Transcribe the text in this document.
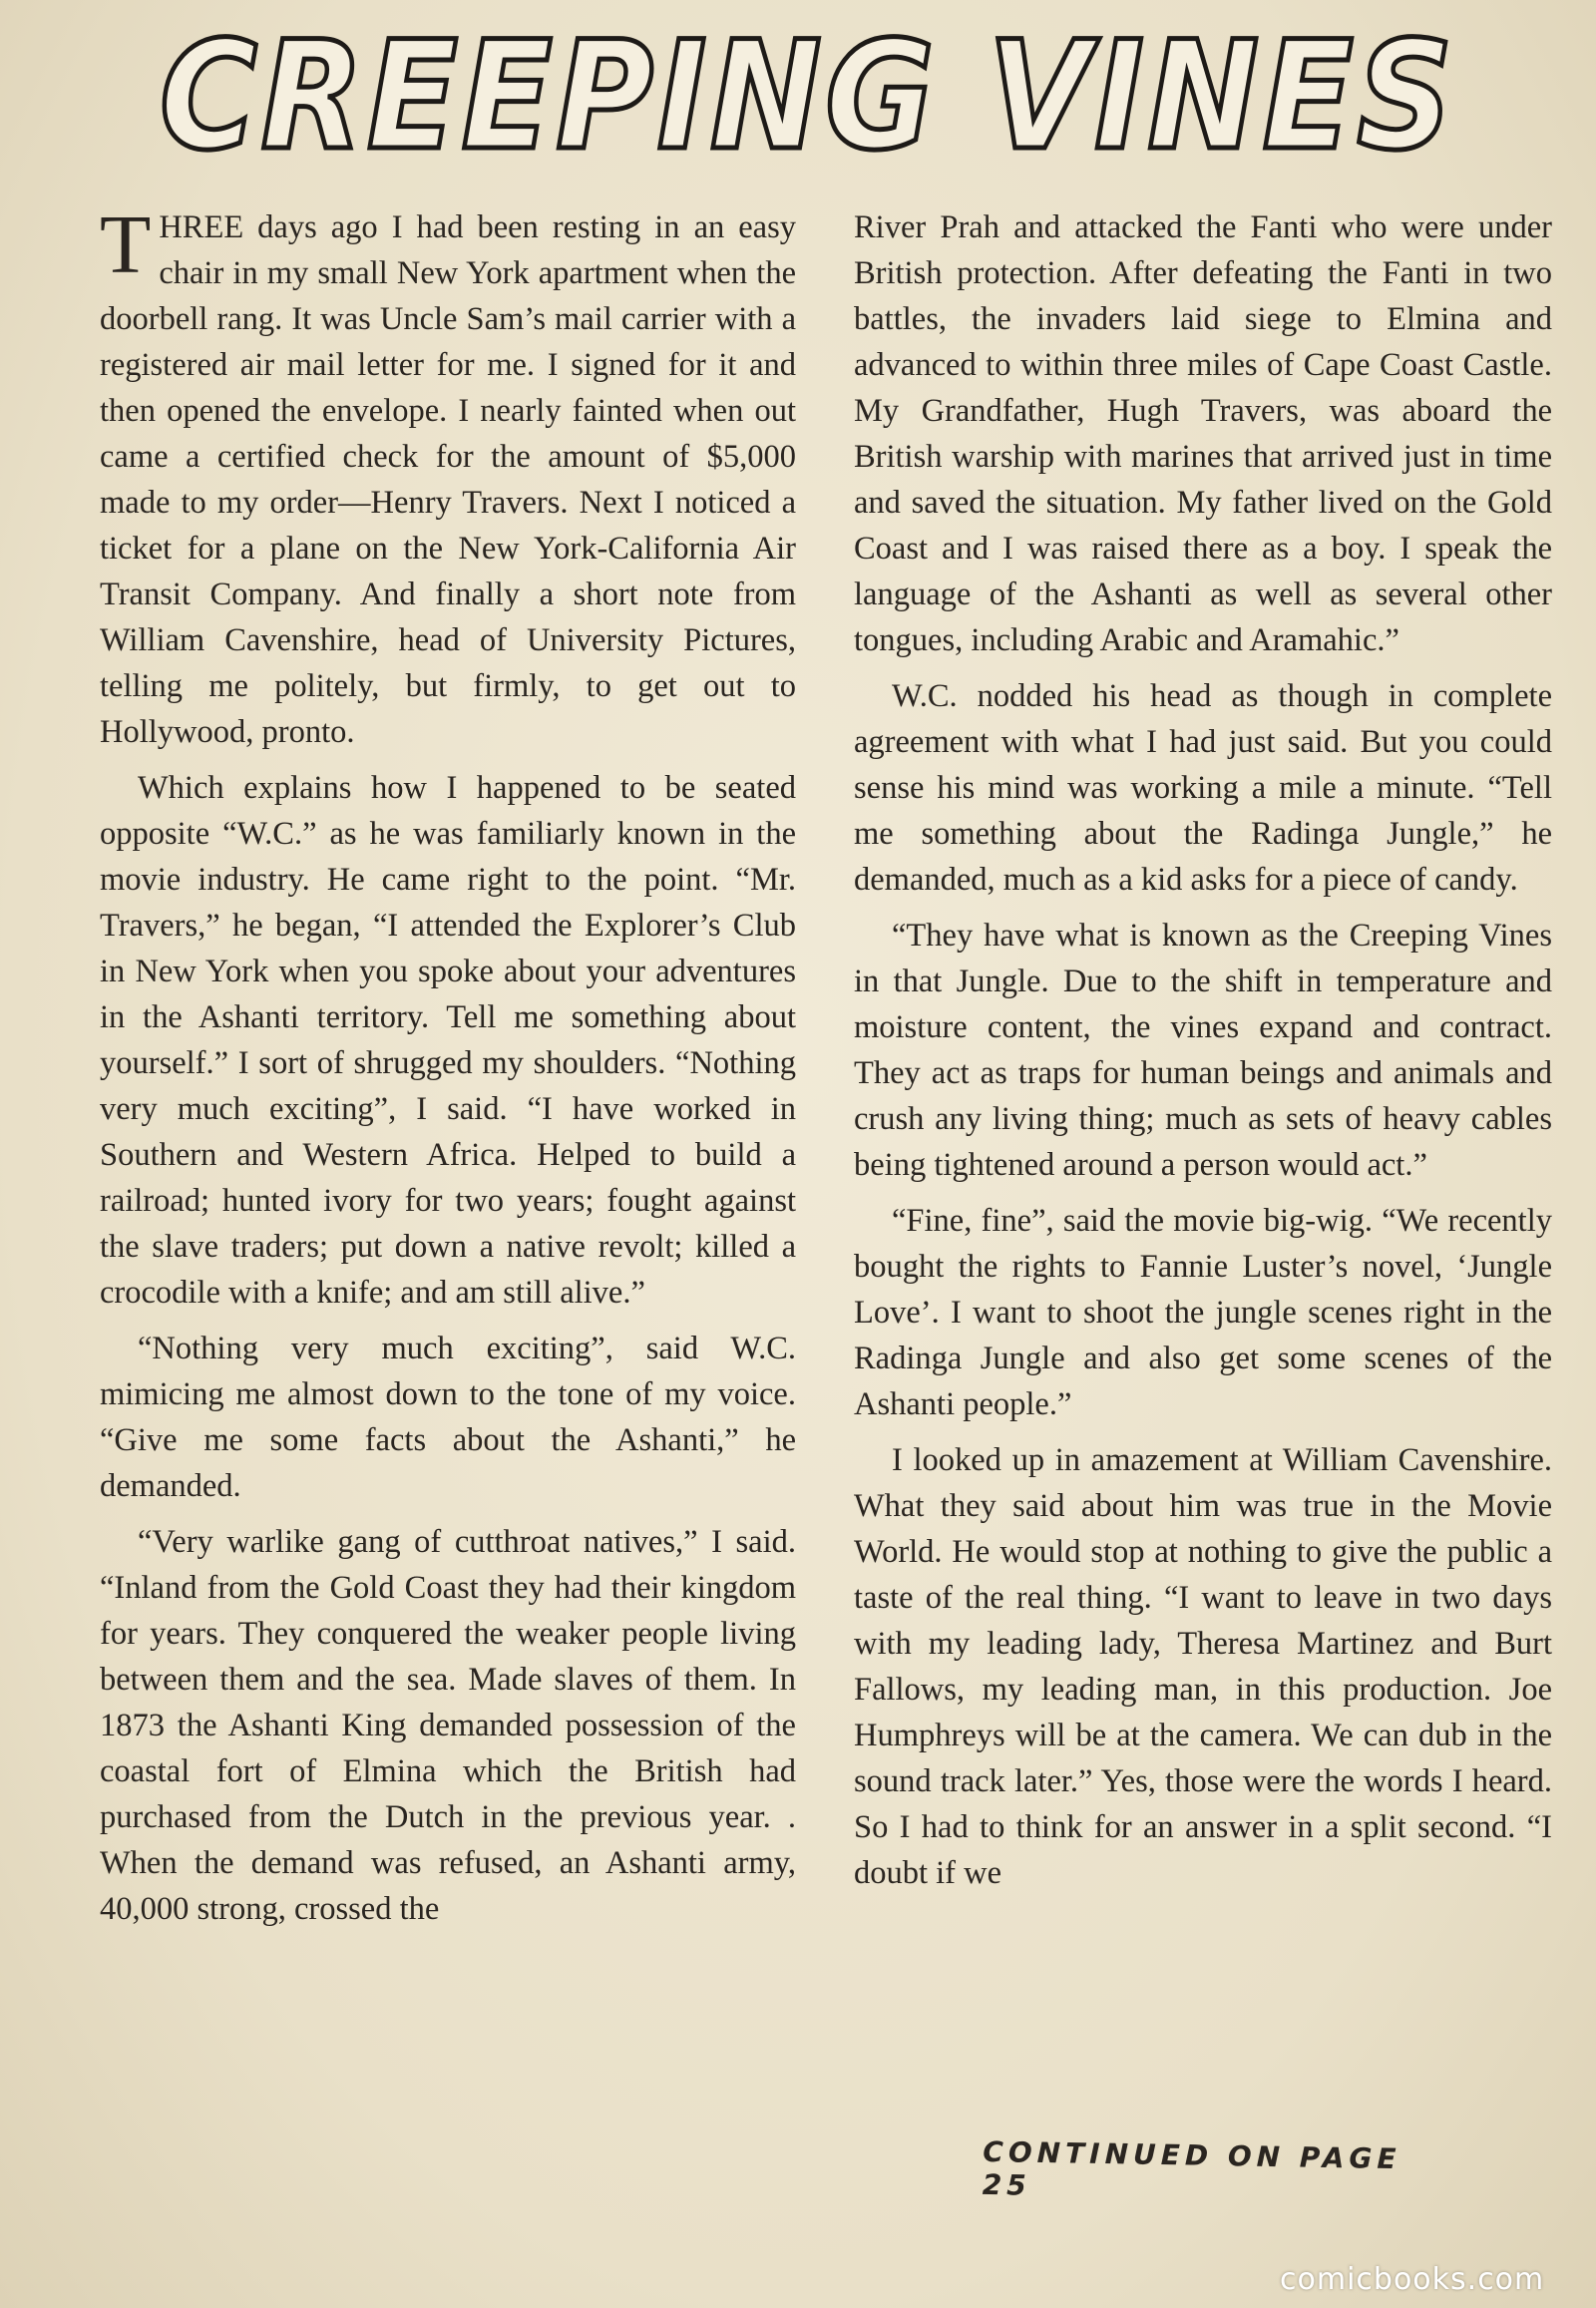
CREEPING VINES

THREE days ago I had been resting in an easy chair in my small New York apartment when the doorbell rang. It was Uncle Sam’s mail carrier with a registered air mail letter for me. I signed for it and then opened the envelope. I nearly fainted when out came a certified check for the amount of $5,000 made to my order—Henry Travers. Next I noticed a ticket for a plane on the New York-California Air Transit Company. And finally a short note from William Cavenshire, head of University Pictures, telling me politely, but firmly, to get out to Hollywood, pronto.

Which explains how I happened to be seated opposite “W.C.” as he was familiarly known in the movie industry. He came right to the point. “Mr. Travers,” he began, “I attended the Explorer’s Club in New York when you spoke about your adventures in the Ashanti territory. Tell me something about yourself.” I sort of shrugged my shoulders. “Nothing very much exciting”, I said. “I have worked in Southern and Western Africa. Helped to build a railroad; hunted ivory for two years; fought against the slave traders; put down a native revolt; killed a crocodile with a knife; and am still alive.”

“Nothing very much exciting”, said W.C. mimicing me almost down to the tone of my voice. “Give me some facts about the Ashanti,” he demanded.

“Very warlike gang of cutthroat natives,” I said. “Inland from the Gold Coast they had their kingdom for years. They conquered the weaker people living between them and the sea. Made slaves of them. In 1873 the Ashanti King demanded possession of the coastal fort of Elmina which the British had purchased from the Dutch in the previous year. . When the demand was refused, an Ashanti army, 40,000 strong, crossed the

River Prah and attacked the Fanti who were under British protection. After defeating the Fanti in two battles, the invaders laid siege to Elmina and advanced to within three miles of Cape Coast Castle. My Grandfather, Hugh Travers, was aboard the British warship with marines that arrived just in time and saved the situation. My father lived on the Gold Coast and I was raised there as a boy. I speak the language of the Ashanti as well as several other tongues, including Arabic and Aramahic.”

W.C. nodded his head as though in complete agreement with what I had just said. But you could sense his mind was working a mile a minute. “Tell me something about the Radinga Jungle,” he demanded, much as a kid asks for a piece of candy.

“They have what is known as the Creeping Vines in that Jungle. Due to the shift in temperature and moisture content, the vines expand and contract. They act as traps for human beings and animals and crush any living thing; much as sets of heavy cables being tightened around a person would act.”

“Fine, fine”, said the movie big-wig. “We recently bought the rights to Fannie Luster’s novel, ‘Jungle Love’. I want to shoot the jungle scenes right in the Radinga Jungle and also get some scenes of the Ashanti people.”

I looked up in amazement at William Cavenshire. What they said about him was true in the Movie World. He would stop at nothing to give the public a taste of the real thing. “I want to leave in two days with my leading lady, Theresa Martinez and Burt Fallows, my leading man, in this production. Joe Humphreys will be at the camera. We can dub in the sound track later.” Yes, those were the words I heard. So I had to think for an answer in a split second. “I doubt if we

CONTINUED ON PAGE 25
comicbooks.com
